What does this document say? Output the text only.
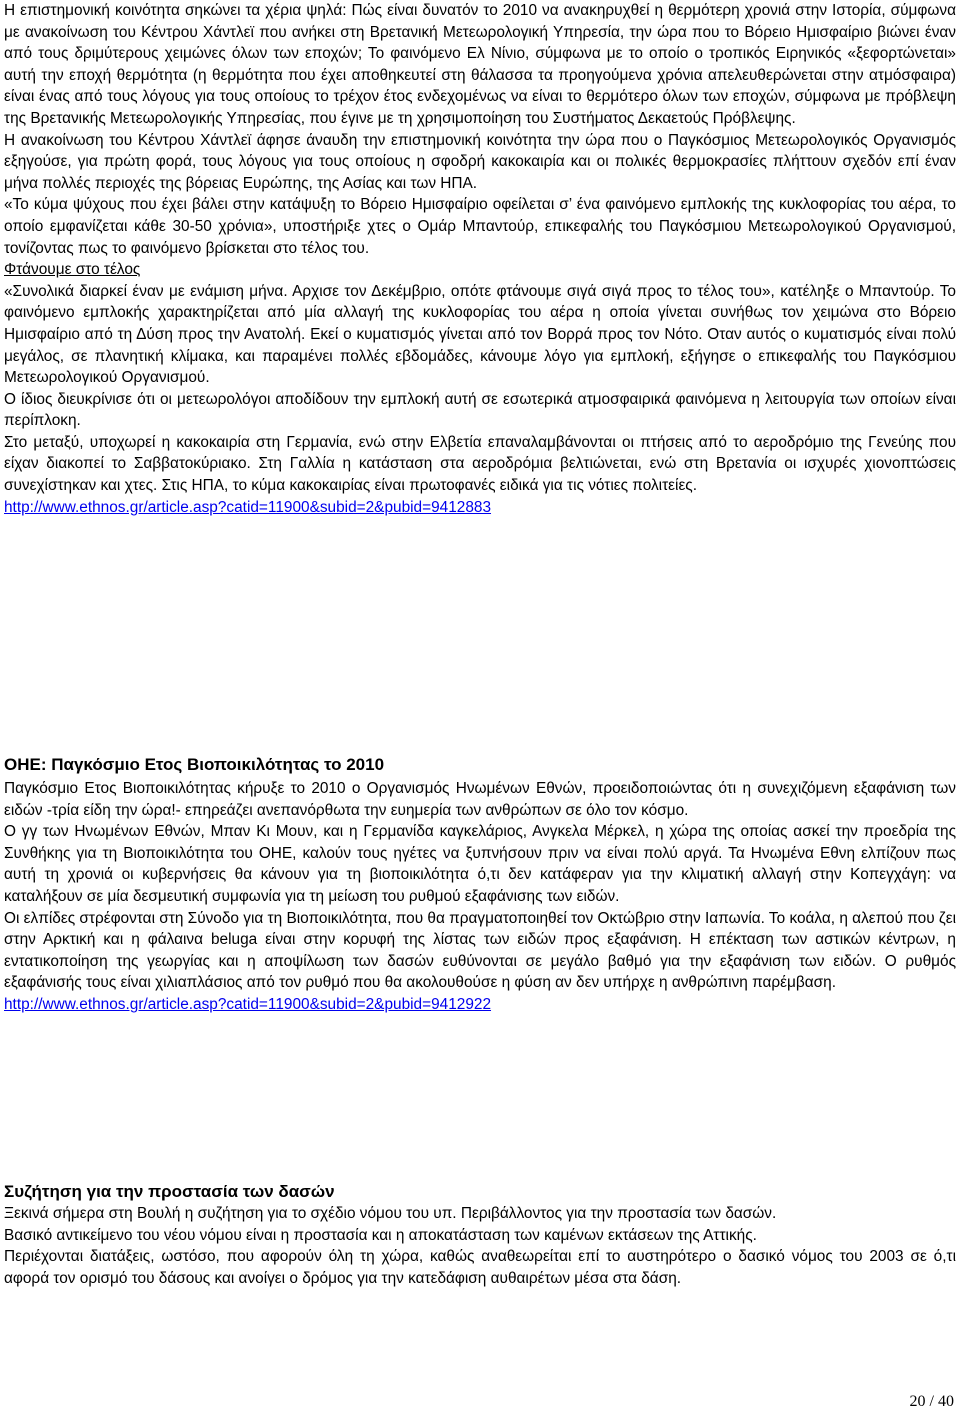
Η επιστημονική κοινότητα σηκώνει τα χέρια ψηλά: Πώς είναι δυνατόν το 2010 να ανακηρυχθεί η θερμότερη χρονιά στην Ιστορία, σύμφωνα με ανακοίνωση του Κέντρου Χάντλεϊ που ανήκει στη Βρετανική Μετεωρολογική Υπηρεσία, την ώρα που το Βόρειο Ημισφαίριο βιώνει έναν από τους δριμύτερους χειμώνες όλων των εποχών; Το φαινόμενο Ελ Νίνιο, σύμφωνα με το οποίο ο τροπικός Ειρηνικός «ξεφορτώνεται» αυτή την εποχή θερμότητα (η θερμότητα που έχει αποθηκευτεί στη θάλασσα τα προηγούμενα χρόνια απελευθερώνεται στην ατμόσφαιρα) είναι ένας από τους λόγους για τους οποίους το τρέχον έτος ενδεχομένως να είναι το θερμότερο όλων των εποχών, σύμφωνα με πρόβλεψη της Βρετανικής Μετεωρολογικής Υπηρεσίας, που έγινε με τη χρησιμοποίηση του Συστήματος Δεκαετούς Πρόβλεψης.

Η ανακοίνωση του Κέντρου Χάντλεϊ άφησε άναυδη την επιστημονική κοινότητα την ώρα που ο Παγκόσμιος Μετεωρολογικός Οργανισμός εξηγούσε, για πρώτη φορά, τους λόγους για τους οποίους η σφοδρή κακοκαιρία και οι πολικές θερμοκρασίες πλήττουν σχεδόν επί έναν μήνα πολλές περιοχές της βόρειας Ευρώπης, της Ασίας και των ΗΠΑ.

«Το κύμα ψύχους που έχει βάλει στην κατάψυξη το Βόρειο Ημισφαίριο οφείλεται σ’ ένα φαινόμενο εμπλοκής της κυκλοφορίας του αέρα, το οποίο εμφανίζεται κάθε 30-50 χρόνια», υποστήριξε χτες ο Ομάρ Μπαντούρ, επικεφαλής του Παγκόσμιου Μετεωρολογικού Οργανισμού, τονίζοντας πως το φαινόμενο βρίσκεται στο τέλος του.

Φτάνουμε στο τέλος

«Συνολικά διαρκεί έναν με ενάμιση μήνα. Αρχισε τον Δεκέμβριο, οπότε φτάνουμε σιγά σιγά προς το τέλος του», κατέληξε ο Μπαντούρ. Το φαινόμενο εμπλοκής χαρακτηρίζεται από μία αλλαγή της κυκλοφορίας του αέρα η οποία γίνεται συνήθως τον χειμώνα στο Βόρειο Ημισφαίριο από τη Δύση προς την Ανατολή. Εκεί ο κυματισμός γίνεται από τον Βορρά προς τον Νότο. Οταν αυτός ο κυματισμός είναι πολύ μεγάλος, σε πλανητική κλίμακα, και παραμένει πολλές εβδομάδες, κάνουμε λόγο για εμπλοκή, εξήγησε ο επικεφαλής του Παγκόσμιου Μετεωρολογικού Οργανισμού.

Ο ίδιος διευκρίνισε ότι οι μετεωρολόγοι αποδίδουν την εμπλοκή αυτή σε εσωτερικά ατμοσφαιρικά φαινόμενα η λειτουργία των οποίων είναι περίπλοκη.

Στο μεταξύ, υποχωρεί η κακοκαιρία στη Γερμανία, ενώ στην Ελβετία επαναλαμβάνονται οι πτήσεις από το αεροδρόμιο της Γενεύης που είχαν διακοπεί το Σαββατοκύριακο. Στη Γαλλία η κατάσταση στα αεροδρόμια βελτιώνεται, ενώ στη Βρετανία οι ισχυρές χιονοπτώσεις συνεχίστηκαν και χτες. Στις ΗΠΑ, το κύμα κακοκαιρίας είναι πρωτοφανές ειδικά για τις νότιες πολιτείες.

http://www.ethnos.gr/article.asp?catid=11900&subid=2&pubid=9412883

ΟΗΕ: Παγκόσμιο Ετος Βιοποικιλότητας το 2010

Παγκόσμιο Ετος Βιοποικιλότητας κήρυξε το 2010 ο Οργανισμός Ηνωμένων Εθνών, προειδοποιώντας ότι η συνεχιζόμενη εξαφάνιση των ειδών -τρία είδη την ώρα!- επηρεάζει ανεπανόρθωτα την ευημερία των ανθρώπων σε όλο τον κόσμο.

Ο γγ των Ηνωμένων Εθνών, Μπαν Κι Μουν, και η Γερμανίδα καγκελάριος, Ανγκελα Μέρκελ, η χώρα της οποίας ασκεί την προεδρία της Συνθήκης για τη Βιοποικιλότητα του ΟΗΕ, καλούν τους ηγέτες να ξυπνήσουν πριν να είναι πολύ αργά. Τα Ηνωμένα Εθνη ελπίζουν πως αυτή τη χρονιά οι κυβερνήσεις θα κάνουν για τη βιοποικιλότητα ό,τι δεν κατάφεραν για την κλιματική αλλαγή στην Κοπεγχάγη: να καταλήξουν σε μία δεσμευτική συμφωνία για τη μείωση του ρυθμού εξαφάνισης των ειδών.

Οι ελπίδες στρέφονται στη Σύνοδο για τη Βιοποικιλότητα, που θα πραγματοποιηθεί τον Οκτώβριο στην Ιαπωνία. Το κοάλα, η αλεπού που ζει στην Αρκτική και η φάλαινα beluga είναι στην κορυφή της λίστας των ειδών προς εξαφάνιση. Η επέκταση των αστικών κέντρων, η εντατικοποίηση της γεωργίας και η αποψίλωση των δασών ευθύνονται σε μεγάλο βαθμό για την εξαφάνιση των ειδών. Ο ρυθμός εξαφάνισής τους είναι χιλιαπλάσιος από τον ρυθμό που θα ακολουθούσε η φύση αν δεν υπήρχε η ανθρώπινη παρέμβαση.

http://www.ethnos.gr/article.asp?catid=11900&subid=2&pubid=9412922

Συζήτηση για την προστασία των δασών

Ξεκινά σήμερα στη Βουλή η συζήτηση για το σχέδιο νόμου του υπ. Περιβάλλοντος για την προστασία των δασών.

Βασικό αντικείμενο του νέου νόμου είναι η προστασία και η αποκατάσταση των καμένων εκτάσεων της Αττικής.

Περιέχονται διατάξεις, ωστόσο, που αφορούν όλη τη χώρα, καθώς αναθεωρείται επί το αυστηρότερο ο δασικό νόμος του 2003 σε ό,τι αφορά τον ορισμό του δάσους και ανοίγει ο δρόμος για την κατεδάφιση αυθαιρέτων μέσα στα δάση.

20 / 40
